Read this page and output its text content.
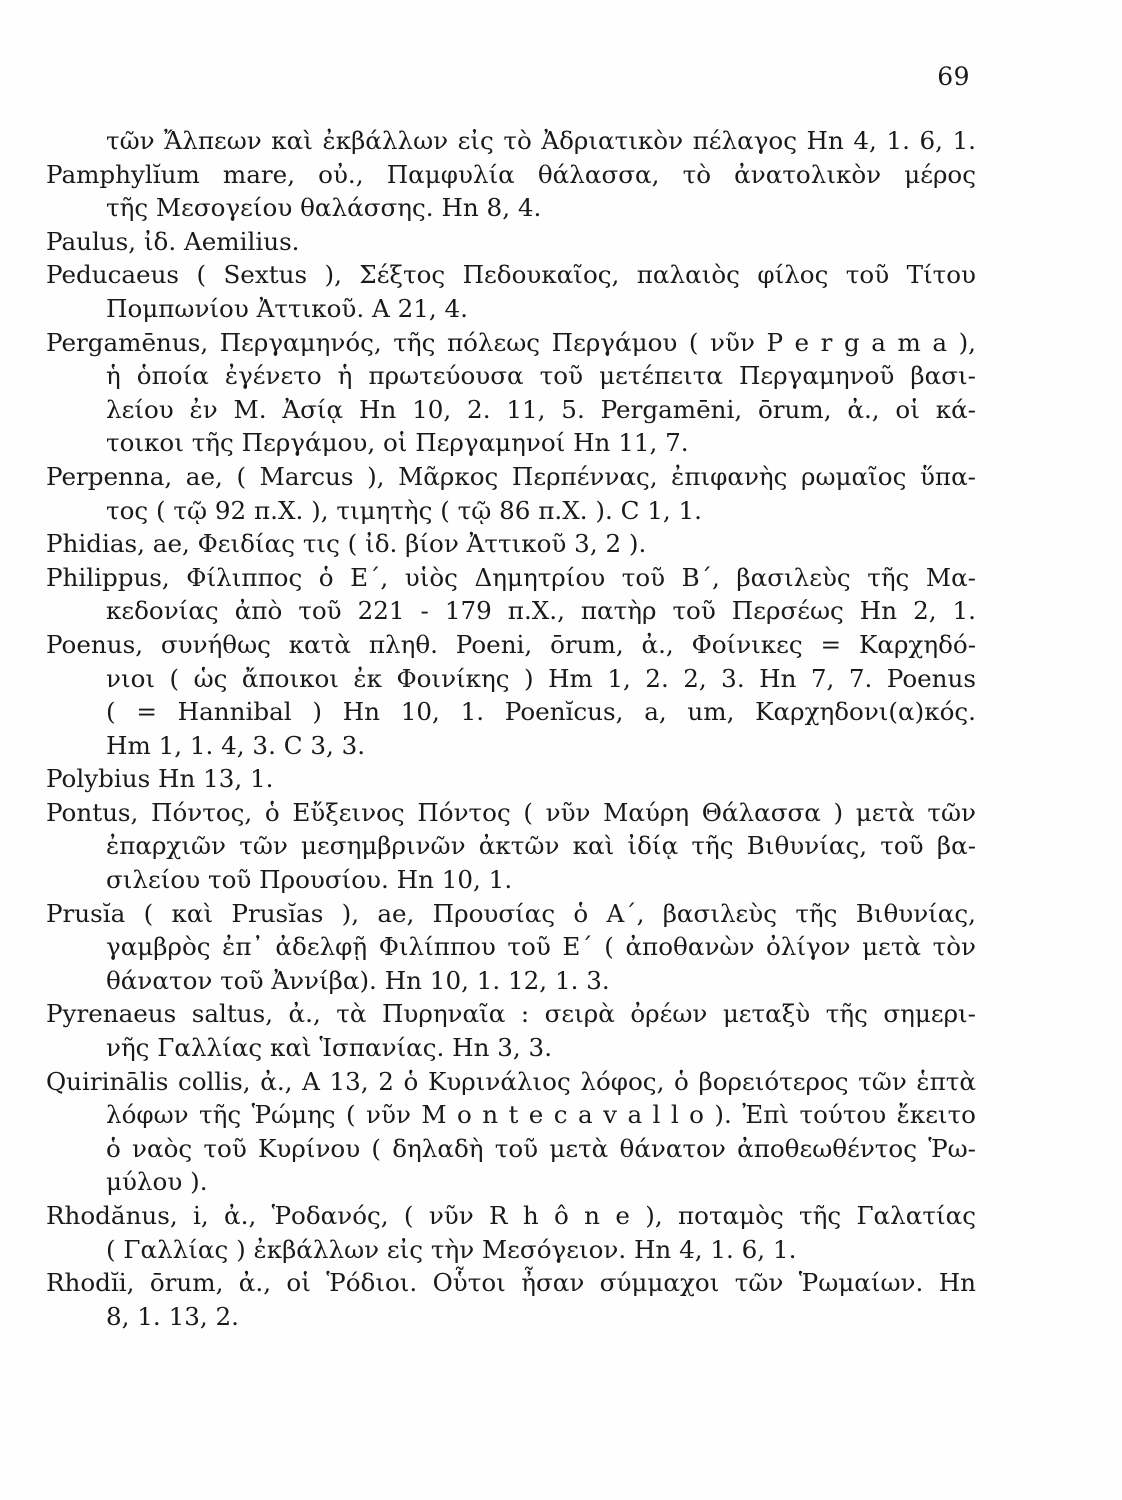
69
τῶν Ἄλπεων καὶ ἐκβάλλων εἰς τὸ Ἀδριατικὸν πέλαγος Hn 4, 1. 6, 1.
Pamphylĭum mare, οὐ., Παμφυλία θάλασσα, τὸ ἀνατολικὸν μέρος
τῆς Μεσογείου θαλάσσης. Hn 8, 4.
Paulus, ἰδ. Aemilius.
Peducaeus ( Sextus ), Σέξτος Πεδουκαῖος, παλαιὸς φίλος τοῦ Τίτου
Πομπωνίου Ἀττικοῦ. A 21, 4.
Pergamēnus, Περγαμηνός, τῆς πόλεως Περγάμου ( νῦν P e r g a m a ),
ἡ ὁποία ἐγένετο ἡ πρωτεύουσα τοῦ μετέπειτα Περγαμηνοῦ βασι-
λείου ἐν Μ. Ἀσίᾳ Hn 10, 2. 11, 5. Pergamēni, ōrum, ἀ., οἱ κά-
τοικοι τῆς Περγάμου, οἱ Περγαμηνοί Hn 11, 7.
Perpenna, ae, ( Marcus ), Μᾶρκος Περπέννας, ἐπιφανὴς ρωμαῖος ὕπα-
τος ( τῷ 92 π.Χ. ), τιμητὴς ( τῷ 86 π.Χ. ). C 1, 1.
Phidias, ae, Φειδίας τις ( ἰδ. βίον Ἀττικοῦ 3, 2 ).
Philippus, Φίλιππος ὁ Ε΄, υἱὸς Δημητρίου τοῦ Β΄, βασιλεὺς τῆς Μα-
κεδονίας ἀπὸ τοῦ 221 - 179 π.Χ., πατὴρ τοῦ Περσέως Hn 2, 1.
Poenus, συνήθως κατὰ πληθ. Poeni, ōrum, ἀ., Φοίνικες = Καρχηδό-
νιοι ( ὡς ἄποικοι ἐκ Φοινίκης ) Hm 1, 2. 2, 3. Hn 7, 7. Poenus
( = Hannibal ) Hn 10, 1. Poenĭcus, a, um, Καρχηδονι(α)κός.
Hm 1, 1. 4, 3. C 3, 3.
Polybius Hn 13, 1.
Pontus, Πόντος, ὁ Εὔξεινος Πόντος ( νῦν Μαύρη Θάλασσα ) μετὰ τῶν
ἐπαρχιῶν τῶν μεσημβρινῶν ἀκτῶν καὶ ἰδίᾳ τῆς Βιθυνίας, τοῦ βα-
σιλείου τοῦ Προυσίου. Hn 10, 1.
Prusĭa ( καὶ Prusĭas ), ae, Προυσίας ὁ Α΄, βασιλεὺς τῆς Βιθυνίας,
γαμβρὸς ἐπ᾽ ἀδελφῇ Φιλίππου τοῦ Ε΄ ( ἀποθανὼν ὀλίγον μετὰ τὸν
θάνατον τοῦ Ἀννίβα). Hn 10, 1. 12, 1. 3.
Pyrenaeus saltus, ἀ., τὰ Πυρηναῖα : σειρὰ ὀρέων μεταξὺ τῆς σημερι-
νῆς Γαλλίας καὶ Ἱσπανίας. Hn 3, 3.
Quirinālis collis, ἀ., A 13, 2 ὁ Κυρινάλιος λόφος, ὁ βορειότερος τῶν ἑπτὰ
λόφων τῆς Ῥώμης ( νῦν M o n t e c a v a l l o ). Ἐπὶ τούτου ἔκειτο
ὁ ναὸς τοῦ Κυρίνου ( δηλαδὴ τοῦ μετὰ θάνατον ἀποθεωθέντος Ῥω-
μύλου ).
Rhodănus, i, ἀ., Ῥοδανός, ( νῦν R h ô n e ), ποταμὸς τῆς Γαλατίας
( Γαλλίας ) ἐκβάλλων εἰς τὴν Μεσόγειον. Hn 4, 1. 6, 1.
Rhodĭi, ōrum, ἀ., οἱ Ῥόδιοι. Οὗτοι ἦσαν σύμμαχοι τῶν Ῥωμαίων. Hn
8, 1. 13, 2.
